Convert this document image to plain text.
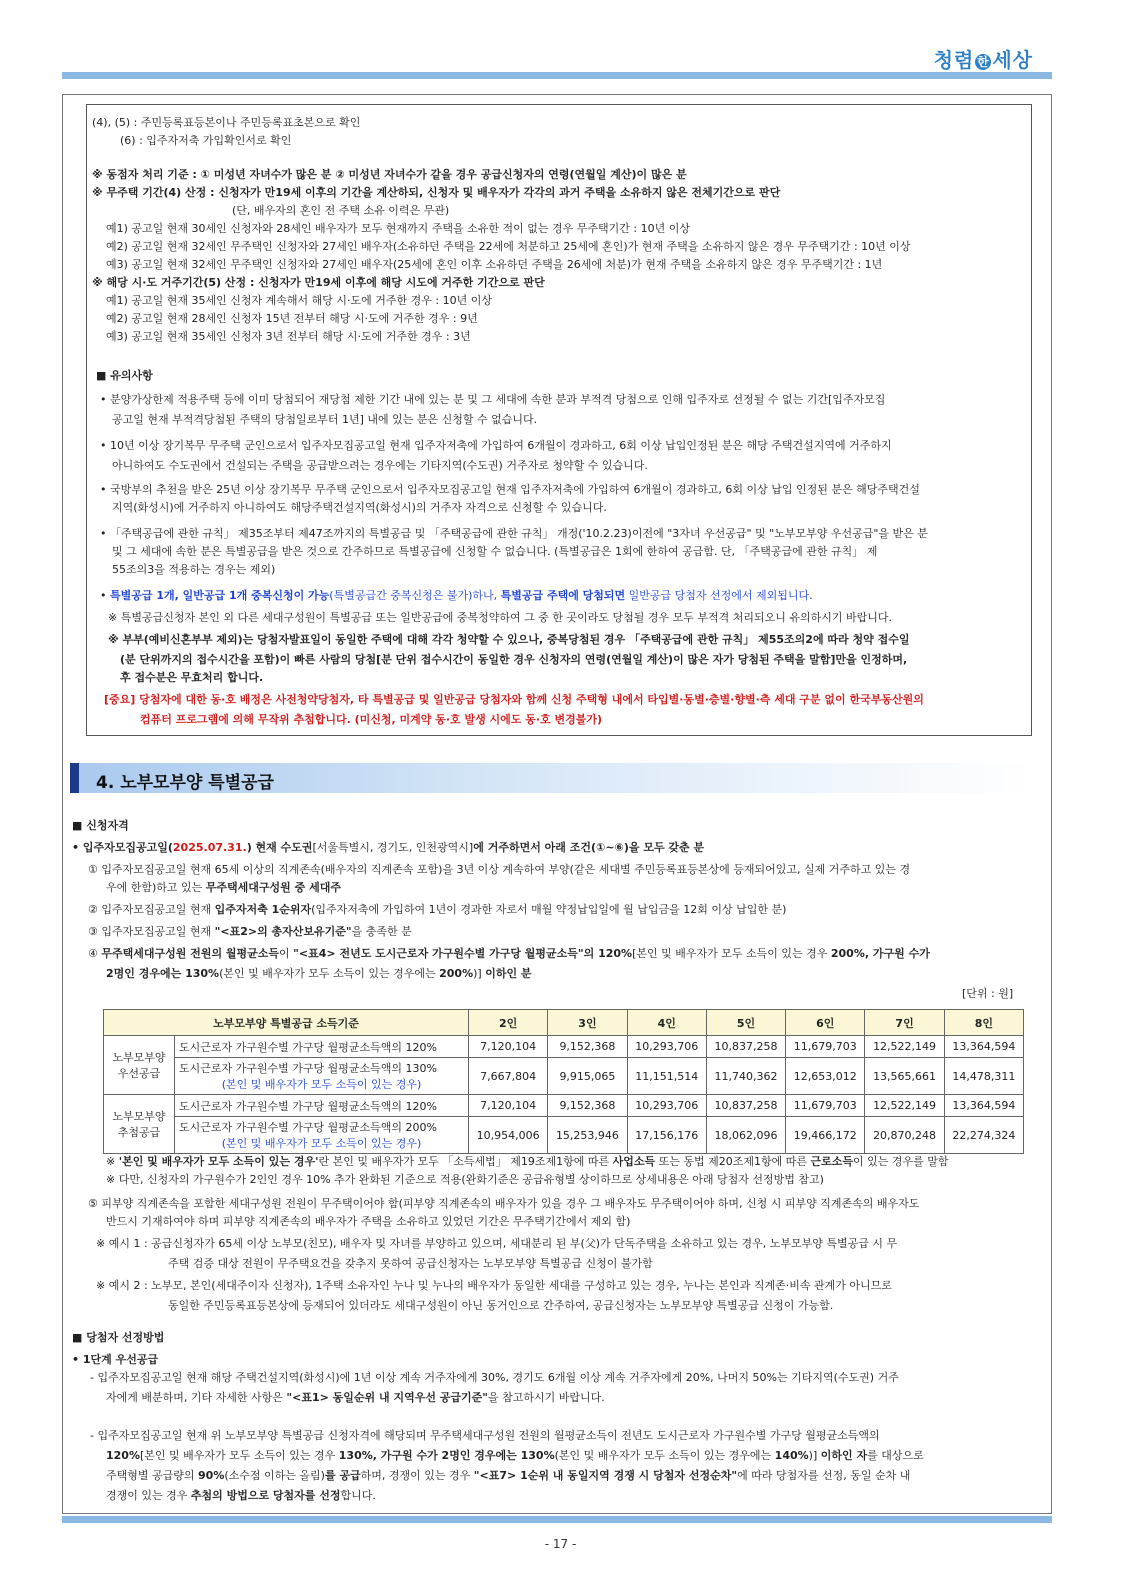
청렴 한 세상
(4), (5) : 주민등록표등본이나 주민등록표초본으로 확인
(6) : 입주자저축 가입확인서로 확인
※ 동점자 처리 기준 : ① 미성년 자녀수가 많은 분 ② 미성년 자녀수가 같을 경우 공급신청자의 연령(연월일 계산)이 많은 분
※ 무주택 기간(4) 산정 : 신청자가 만19세 이후의 기간을 계산하되, 신청자 및 배우자가 각각의 과거 주택을 소유하지 않은 전체기간으로 판단
(단, 배우자의 혼인 전 주택 소유 이력은 무관)
예1) 공고일 현재 30세인 신청자와 28세인 배우자가 모두 현재까지 주택을 소유한 적이 없는 경우 무주택기간 : 10년 이상
예2) 공고일 현재 32세인 무주택인 신청자와 27세인 배우자(소유하던 주택을 22세에 처분하고 25세에 혼인)가 현재 주택을 소유하지 않은 경우 무주택기간 : 10년 이상
예3) 공고일 현재 32세인 무주택인 신청자와 27세인 배우자(25세에 혼인 이후 소유하던 주택을 26세에 처분)가 현재 주택을 소유하지 않은 경우 무주택기간 : 1년
※ 해당 시·도 거주기간(5) 산정 : 신청자가 만19세 이후에 해당 시도에 거주한 기간으로 판단
예1) 공고일 현재 35세인 신청자 계속해서 해당 시·도에 거주한 경우 : 10년 이상
예2) 공고일 현재 28세인 신청자 15년 전부터 해당 시·도에 거주한 경우 : 9년
예3) 공고일 현재 35세인 신청자 3년 전부터 해당 시·도에 거주한 경우 : 3년
■ 유의사항
• 분양가상한제 적용주택 등에 이미 당첨되어 재당첨 제한 기간 내에 있는 분 및 그 세대에 속한 분과 부적격 당첨으로 인해 입주자로 선정될 수 없는 기간[입주자모집
공고일 현재 부적격당첨된 주택의 당첨일로부터 1년] 내에 있는 분은 신청할 수 없습니다.
• 10년 이상 장기복무 무주택 군인으로서 입주자모집공고일 현재 입주자저축에 가입하여 6개월이 경과하고, 6회 이상 납입인정된 분은 해당 주택건설지역에 거주하지
아니하여도 수도권에서 건설되는 주택을 공급받으려는 경우에는 기타지역(수도권) 거주자로 청약할 수 있습니다.
• 국방부의 추천을 받은 25년 이상 장기복무 무주택 군인으로서 입주자모집공고일 현재 입주자저축에 가입하여 6개월이 경과하고, 6회 이상 납입 인정된 분은 해당주택건설
지역(화성시)에 거주하지 아니하여도 해당주택건설지역(화성시)의 거주자 자격으로 신청할 수 있습니다.
• 「주택공급에 관한 규칙」 제35조부터 제47조까지의 특별공급 및 「주택공급에 관한 규칙」 개정('10.2.23)이전에 "3자녀 우선공급" 및 "노부모부양 우선공급"을 받은 분
및 그 세대에 속한 분은 특별공급을 받은 것으로 간주하므로 특별공급에 신청할 수 없습니다. (특별공급은 1회에 한하여 공급함. 단, 「주택공급에 관한 규칙」 제
55조의3을 적용하는 경우는 제외)
• 특별공급 1개, 일반공급 1개 중복신청이 가능(특별공급간 중복신청은 불가)하나, 특별공급 주택에 당첨되면 일반공급 당첨자 선정에서 제외됩니다.
※ 특별공급신청자 본인 외 다른 세대구성원이 특별공급 또는 일반공급에 중복청약하여 그 중 한 곳이라도 당첨될 경우 모두 부적격 처리되오니 유의하시기 바랍니다.
※ 부부(예비신혼부부 제외)는 당첨자발표일이 동일한 주택에 대해 각각 청약할 수 있으나, 중복당첨된 경우 「주택공급에 관한 규칙」 제55조의2에 따라 청약 접수일
(분 단위까지의 접수시간을 포함)이 빠른 사람의 당첨[분 단위 접수시간이 동일한 경우 신청자의 연령(연월일 계산)이 많은 자가 당첨된 주택을 말함]만을 인정하며,
후 접수분은 무효처리 합니다.
[중요] 당첨자에 대한 동·호 배정은 사전청약당첨자, 타 특별공급 및 일반공급 당첨자와 함께 신청 주택형 내에서 타입별·동별·층별·향별·측 세대 구분 없이 한국부동산원의
컴퓨터 프로그램에 의해 무작위 추첨합니다. (미신청, 미계약 동·호 발생 시에도 동·호 변경불가)
4. 노부모부양 특별공급
■ 신청자격
• 입주자모집공고일(2025.07.31.) 현재 수도권[서울특별시, 경기도, 인천광역시]에 거주하면서 아래 조건(①~⑥)을 모두 갖춘 분
① 입주자모집공고일 현재 65세 이상의 직계존속(배우자의 직계존속 포함)을 3년 이상 계속하여 부양(같은 세대별 주민등록표등본상에 등재되어있고, 실제 거주하고 있는 경
우에 한함)하고 있는 무주택세대구성원 중 세대주
② 입주자모집공고일 현재 입주자저축 1순위자(입주자저축에 가입하여 1년이 경과한 자로서 매월 약정납입일에 월 납입금을 12회 이상 납입한 분)
③ 입주자모집공고일 현재 "<표2>의 총자산보유기준"을 충족한 분
④ 무주택세대구성원 전원의 월평균소득이 "<표4> 전년도 도시근로자 가구원수별 가구당 월평균소득"의 120%[본인 및 배우자가 모두 소득이 있는 경우 200%, 가구원 수가
2명인 경우에는 130%(본인 및 배우자가 모두 소득이 있는 경우에는 200%)] 이하인 분
[단위 : 원]
노부모부양 특별공급 소득기준		2인	3인	4인	5인	6인	7인	8인
노부모부양 우선공급	도시근로자 가구원수별 가구당 월평균소득액의 120%	7,120,104	9,152,368	10,293,706	10,837,258	11,679,703	12,522,149	13,364,594

	도시근로자 가구원수별 가구당 월평균소득액의 130%
(본인 및 배우자가 모두 소득이 있는 경우)	7,667,804	9,915,065	11,151,514	11,740,362	12,653,012	13,565,661	14,478,311
노부모부양 추첨공급	도시근로자 가구원수별 가구당 월평균소득액의 120%	7,120,104	9,152,368	10,293,706	10,837,258	11,679,703	12,522,149	13,364,594

	도시근로자 가구원수별 가구당 월평균소득액의 200%
(본인 및 배우자가 모두 소득이 있는 경우)	10,954,006	15,253,946	17,156,176	18,062,096	19,466,172	20,870,248	22,274,324
※ '본인 및 배우자가 모두 소득이 있는 경우'란 본인 및 배우자가 모두 「소득세법」 제19조제1항에 따른 사업소득 또는 동법 제20조제1항에 따른 근로소득이 있는 경우를 말함
※ 다만, 신청자의 가구원수가 2인인 경우 10% 추가 완화된 기준으로 적용(완화기준은 공급유형별 상이하므로 상세내용은 아래 당첨자 선정방법 참고)
⑤ 피부양 직계존속을 포함한 세대구성원 전원이 무주택이어야 함(피부양 직계존속의 배우자가 있을 경우 그 배우자도 무주택이어야 하며, 신청 시 피부양 직계존속의 배우자도
반드시 기재하여야 하며 피부양 직계존속의 배우자가 주택을 소유하고 있었던 기간은 무주택기간에서 제외 함)
※ 예시 1 : 공급신청자가 65세 이상 노부모(친모), 배우자 및 자녀를 부양하고 있으며, 세대분리 된 부(父)가 단독주택을 소유하고 있는 경우, 노부모부양 특별공급 시 무
주택 검증 대상 전원이 무주택요건을 갖추지 못하여 공급신청자는 노부모부양 특별공급 신청이 불가함
※ 예시 2 : 노부모, 본인(세대주이자 신청자), 1주택 소유자인 누나 및 누나의 배우자가 동일한 세대를 구성하고 있는 경우, 누나는 본인과 직계존·비속 관계가 아니므로
동일한 주민등록표등본상에 등재되어 있더라도 세대구성원이 아닌 동거인으로 간주하여, 공급신청자는 노부모부양 특별공급 신청이 가능함.
■ 당첨자 선정방법
• 1단계 우선공급
- 입주자모집공고일 현재 해당 주택건설지역(화성시)에 1년 이상 계속 거주자에게 30%, 경기도 6개월 이상 계속 거주자에게 20%, 나머지 50%는 기타지역(수도권) 거주
자에게 배분하며, 기타 자세한 사항은 "<표1> 동일순위 내 지역우선 공급기준"을 참고하시기 바랍니다.
- 입주자모집공고일 현재 위 노부모부양 특별공급 신청자격에 해당되며 무주택세대구성원 전원의 월평균소득이 전년도 도시근로자 가구원수별 가구당 월평균소득액의
120%[본인 및 배우자가 모두 소득이 있는 경우 130%, 가구원 수가 2명인 경우에는 130%(본인 및 배우자가 모두 소득이 있는 경우에는 140%)] 이하인 자를 대상으로
주택형별 공급량의 90%(소수점 이하는 올림)를 공급하며, 경쟁이 있는 경우 "<표7> 1순위 내 동일지역 경쟁 시 당첨자 선정순차"에 따라 당첨자를 선정, 동일 순차 내
경쟁이 있는 경우 추첨의 방법으로 당첨자를 선정합니다.
- 17 -
